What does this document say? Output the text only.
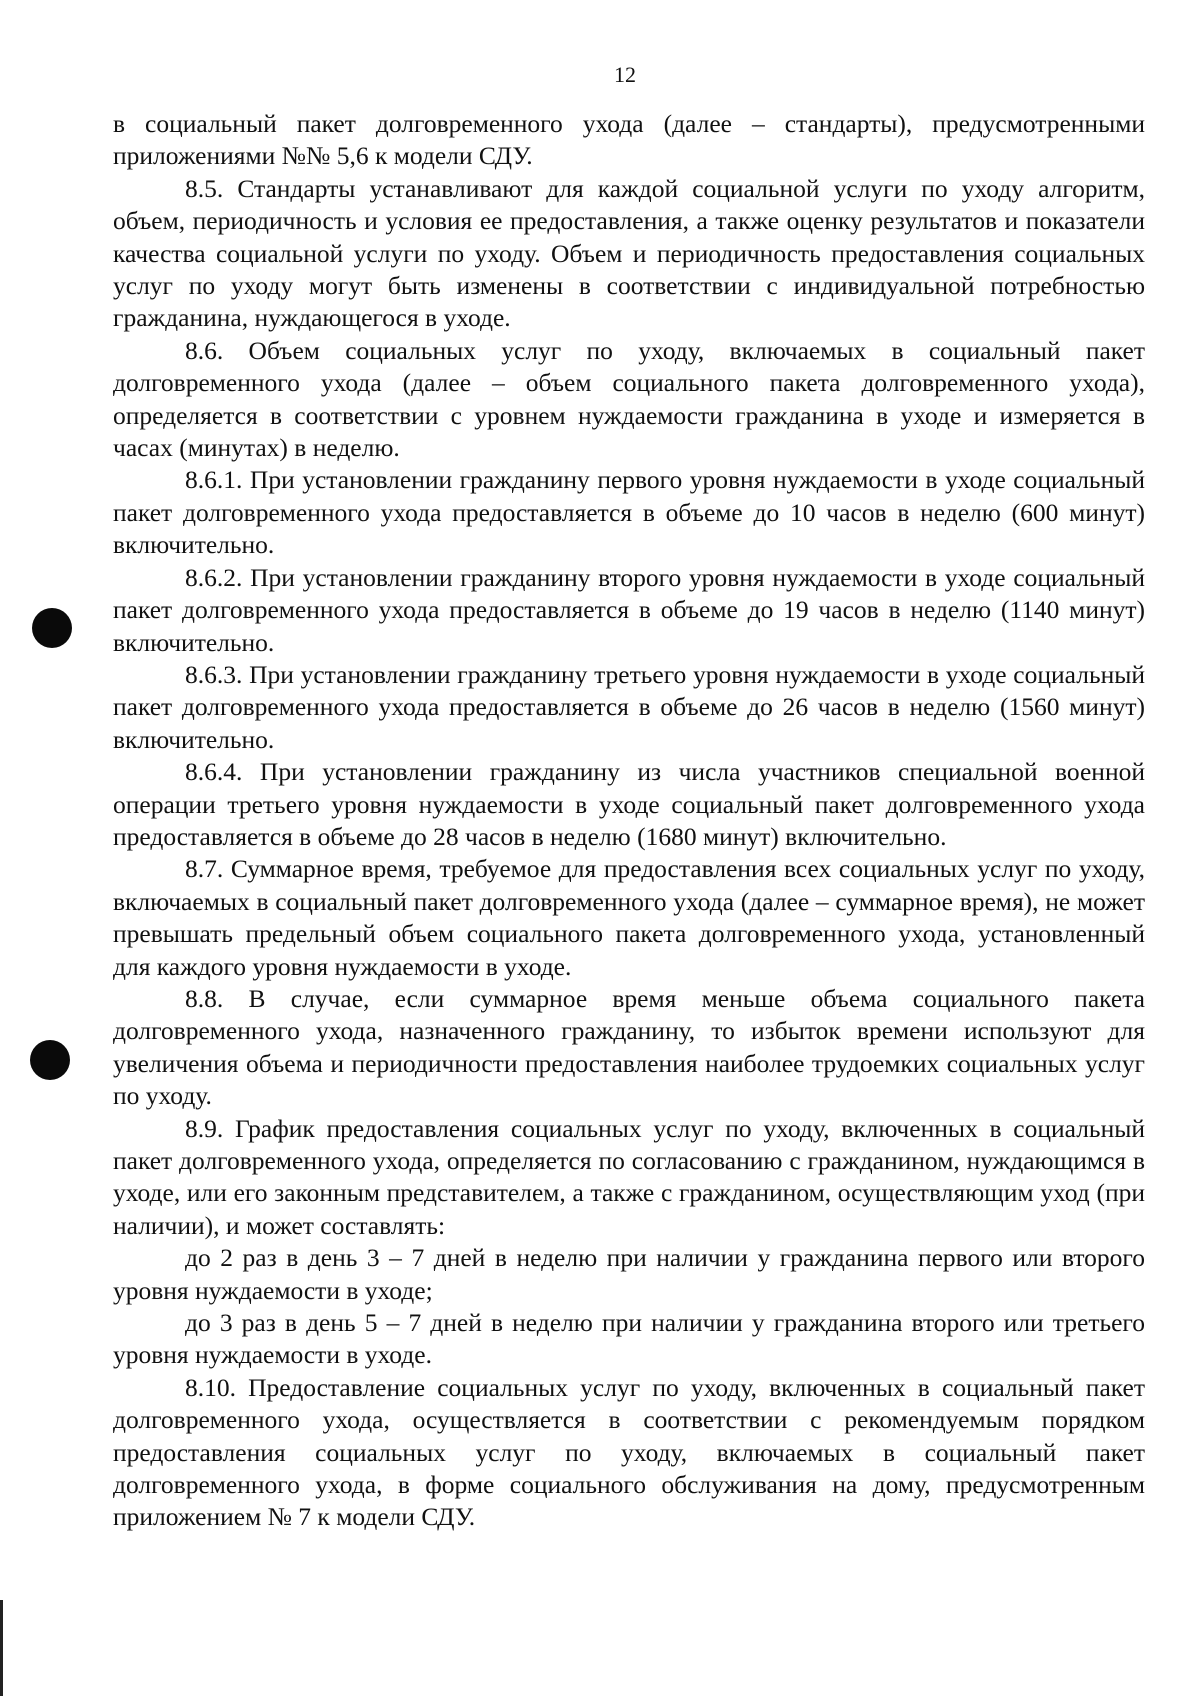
12

в социальный пакет долговременного ухода (далее – стандарты), предусмотренными приложениями №№ 5,6 к модели СДУ.

8.5. Стандарты устанавливают для каждой социальной услуги по уходу алгоритм, объем, периодичность и условия ее предоставления, а также оценку результатов и показатели качества социальной услуги по уходу. Объем и периодичность предоставления социальных услуг по уходу могут быть изменены в соответствии с индивидуальной потребностью гражданина, нуждающегося в уходе.

8.6. Объем социальных услуг по уходу, включаемых в социальный пакет долговременного ухода (далее – объем социального пакета долговременного ухода), определяется в соответствии с уровнем нуждаемости гражданина в уходе и измеряется в часах (минутах) в неделю.

8.6.1. При установлении гражданину первого уровня нуждаемости в уходе социальный пакет долговременного ухода предоставляется в объеме до 10 часов в неделю (600 минут) включительно.

8.6.2. При установлении гражданину второго уровня нуждаемости в уходе социальный пакет долговременного ухода предоставляется в объеме до 19 часов в неделю (1140 минут) включительно.

8.6.3. При установлении гражданину третьего уровня нуждаемости в уходе социальный пакет долговременного ухода предоставляется в объеме до 26 часов в неделю (1560 минут) включительно.

8.6.4. При установлении гражданину из числа участников специальной военной операции третьего уровня нуждаемости в уходе социальный пакет долговременного ухода предоставляется в объеме до 28 часов в неделю (1680 минут) включительно.

8.7. Суммарное время, требуемое для предоставления всех социальных услуг по уходу, включаемых в социальный пакет долговременного ухода (далее – суммарное время), не может превышать предельный объем социального пакета долговременного ухода, установленный для каждого уровня нуждаемости в уходе.

8.8. В случае, если суммарное время меньше объема социального пакета долговременного ухода, назначенного гражданину, то избыток времени используют для увеличения объема и периодичности предоставления наиболее трудоемких социальных услуг по уходу.

8.9. График предоставления социальных услуг по уходу, включенных в социальный пакет долговременного ухода, определяется по согласованию с гражданином, нуждающимся в уходе, или его законным представителем, а также с гражданином, осуществляющим уход (при наличии), и может составлять:

до 2 раз в день 3 – 7 дней в неделю при наличии у гражданина первого или второго уровня нуждаемости в уходе;

до 3 раз в день 5 – 7 дней в неделю при наличии у гражданина второго или третьего уровня нуждаемости в уходе.

8.10. Предоставление социальных услуг по уходу, включенных в социальный пакет долговременного ухода, осуществляется в соответствии с рекомендуемым порядком предоставления социальных услуг по уходу, включаемых в социальный пакет долговременного ухода, в форме социального обслуживания на дому, предусмотренным приложением № 7 к модели СДУ.
